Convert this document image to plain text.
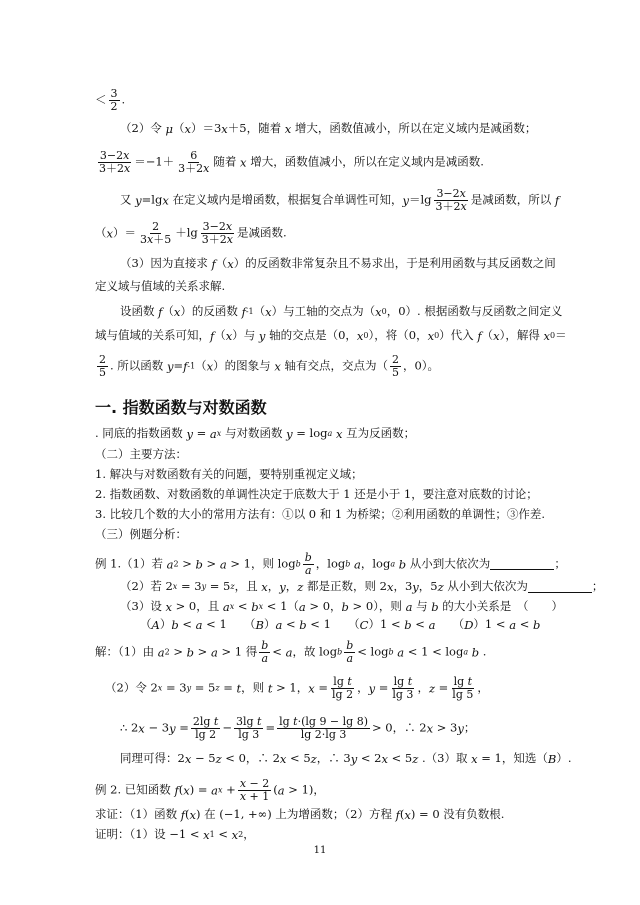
＜ $\frac{3}{2}$ .
（2）令 μ（x）＝3x＋5，随着 x 增大，函数值减小，所以在定义域内是减函数；
$\frac{3-2x}{3+2x} =-1+ \frac{6}{3+2x}$ 随着 x 增大，函数值减小，所以在定义域内是减函数.
又 y=lgx 在定义域内是增函数，根据复合单调性可知，$y=\lg \frac{3-2x}{3+2x}$ 是减函数，所以 f
$(x)= \frac{2}{3x+5} +\lg \frac{3-2x}{3+2x}$ 是减函数.
（3）因为直接求 f（x）的反函数非常复杂且不易求出，于是利用函数与其反函数之间
定义域与值域的关系求解.
设函数 f（x）的反函数 f-1（x）与工轴的交点为（x0，0）. 根据函数与反函数之间定义
域与值域的关系可知，f（x）与 y 轴的交点是（0，x0），将（0，x0）代入 f（x），解得 x0＝
$\frac{2}{5}$ . 所以函数 y=f-1（x）的图象与 x 轴有交点，交点为（ $\frac{2}{5}$ ，0）。
一. 指数函数与对数函数
. 同底的指数函数 y = ax 与对数函数 y = loga x 互为反函数；
（二）主要方法：
1. 解决与对数函数有关的问题，要特别重视定义域；
2. 指数函数、对数函数的单调性决定于底数大于 1 还是小于 1，要注意对底数的讨论；
3. 比较几个数的大小的常用方法有：①以 0 和 1 为桥梁；②利用函数的单调性；③作差.
（三）例题分析：
例 1.（1）若 a2 > b > a > 1，则 logb $\frac{b}{a}$ ，logb a，loga b 从小到大依次为	；
（2）若 2x = 3y = 5z，且 x，y，z 都是正数，则 2x，3y，5z 从小到大依次为	；
（3）设 x > 0，且 ax < bx < 1（a > 0，b > 0），则 a 与 b 的大小关系是　（　　）
（A）b < a < 1　　（B）a < b < 1　　（C）1 < b < a　　（D）1 < a < b
解：（1）由 a2 > b > a > 1 得 $\frac{b}{a} < a$，故 logb $\frac{b}{a} < \log b$ a < 1 < loga b .
（2）令 2x = 3y = 5z = t，则 t > 1，$x = \frac{\text{lg t}}{\lg 2}$ ，$y = \frac{\text{lg t}}{\lg 3}$ ，$z = \frac{\text{lg t}}{\lg 5}$ ，
∴ $2x - 3y = \frac{\text{2lg t}}{\lg 2} - \frac{\text{3lg t}}{\lg 3} = \frac{\text{lg t·(lg 9 − lg 8)}}{\lg 2\cdot\lg 3} > 0$，∴ 2x > 3y；
同理可得：2x − 5z < 0，∴ 2x < 5z，∴ 3y < 2x < 5z .（3）取 x = 1，知选（B）.
例 2. 已知函数 f(x) = ax + $\frac{x - 2}{x + 1} (a > 1)$，
求证：（1）函数 f(x) 在 (−1, +∞) 上为增函数；（2）方程 f(x) = 0 没有负数根.
证明：（1）设 −1 < x1 < x2，
11
